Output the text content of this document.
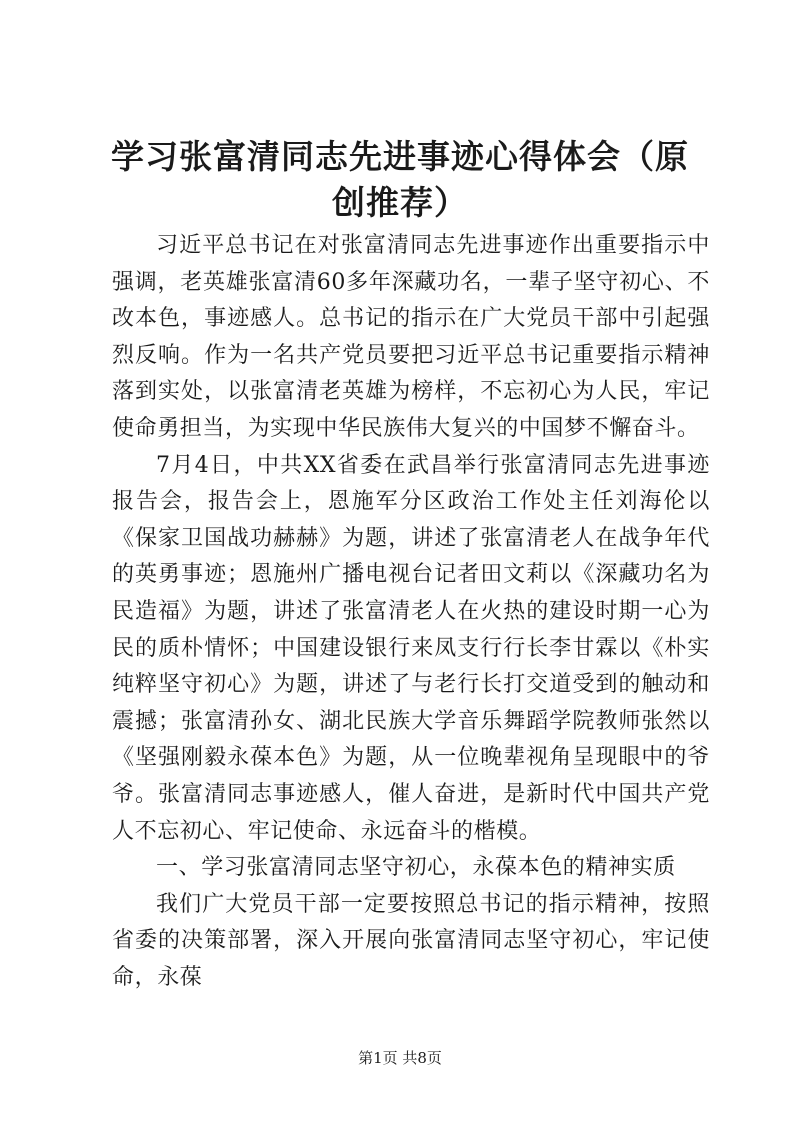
学习张富清同志先进事迹心得体会（原创推荐）

习近平总书记在对张富清同志先进事迹作出重要指示中强调，老英雄张富清60多年深藏功名，一辈子坚守初心、不改本色，事迹感人。总书记的指示在广大党员干部中引起强烈反响。作为一名共产党员要把习近平总书记重要指示精神落到实处，以张富清老英雄为榜样，不忘初心为人民，牢记使命勇担当，为实现中华民族伟大复兴的中国梦不懈奋斗。

7月4日，中共XX省委在武昌举行张富清同志先进事迹报告会，报告会上，恩施军分区政治工作处主任刘海伦以《保家卫国战功赫赫》为题，讲述了张富清老人在战争年代的英勇事迹；恩施州广播电视台记者田文莉以《深藏功名为民造福》为题，讲述了张富清老人在火热的建设时期一心为民的质朴情怀；中国建设银行来凤支行行长李甘霖以《朴实纯粹坚守初心》为题，讲述了与老行长打交道受到的触动和震撼；张富清孙女、湖北民族大学音乐舞蹈学院教师张然以《坚强刚毅永葆本色》为题，从一位晚辈视角呈现眼中的爷爷。张富清同志事迹感人，催人奋进，是新时代中国共产党人不忘初心、牢记使命、永远奋斗的楷模。

一、学习张富清同志坚守初心，永葆本色的精神实质

我们广大党员干部一定要按照总书记的指示精神，按照省委的决策部署，深入开展向张富清同志坚守初心，牢记使命，永葆

第1页 共8页
